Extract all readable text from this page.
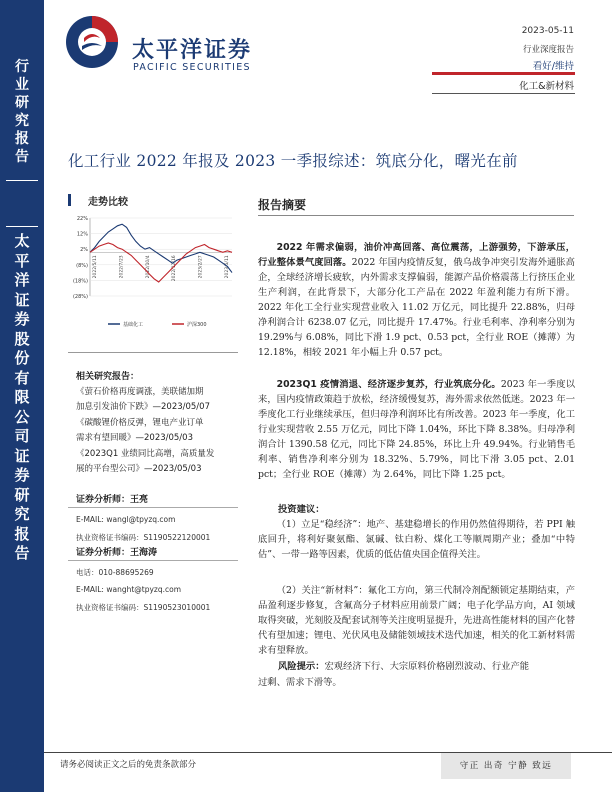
行
业
研
究
报
告
太
平
洋
证
券
股
份
有
限
公
司
证
券
研
究
报
告
太平洋证券
PACIFIC SECURITIES
2023-05-11
行业深度报告
看好/维持
化工&新材料
化工行业 2022 年报及 2023 一季报综述：筑底分化，曙光在前
走势比较
22%
12%
2%
(8%)
(18%)
(28%)
2022/5/11	2022/7/23	2022/10/4	2022/12/16	2023/2/27	2023/5/11
基础化工	沪深300
相关研究报告：
《萤石价格再度调涨，美联储加期
加息引发油价下跌》—2023/05/07
《碳酸锂价格反弹，锂电产业订单
需求有望回暖》—2023/05/03
《2023Q1 业绩同比高增，高质量发
展的平台型公司》—2023/05/03
证券分析师：王亮
E-MAIL: wangl@tpyzq.com
执业资格证书编码：S1190522120001
证券分析师：王海涛
电话：010-88695269
E-MAIL: wanght@tpyzq.com
执业资格证书编码：S1190523010001
报告摘要
2022 年需求偏弱，油价冲高回落、高位震荡，上游强势，下游承压，行业整体景气度回落。2022 年国内疫情反复，俄乌战争冲突引发海外通胀高企，全球经济增长疲软，内外需求支撑偏弱，能源产品价格震荡上行挤压企业生产利润，在此背景下，大部分化工产品在 2022 年盈利能力有所下滑。2022 年化工全行业实现营业收入 11.02 万亿元，同比提升 22.88%，归母净利润合计 6238.07 亿元，同比提升 17.47%。行业毛利率、净利率分别为 19.29%与 6.08%，同比下滑 1.9 pct、0.53 pct，全行业 ROE（摊薄）为 12.18%，相较 2021 年小幅上升 0.57 pct。
2023Q1 疫情消退、经济逐步复苏，行业筑底分化。2023 年一季度以来，国内疫情政策趋于放松，经济缓慢复苏，海外需求依然低迷。2023 年一季度化工行业继续承压，但归母净利润环比有所改善。2023 年一季度，化工行业实现营收 2.55 万亿元，同比下降 1.04%，环比下降 8.38%。归母净利润合计 1390.58 亿元，同比下降 24.85%，环比上升 49.94%。行业销售毛利率、销售净利率分别为 18.32%、5.79%，同比下滑 3.05 pct、2.01 pct；全行业 ROE（摊薄）为 2.64%，同比下降 1.25 pct。
投资建议：
（1）立足“稳经济”：地产、基建稳增长的作用仍然值得期待，若 PPI 触底回升，将利好聚氨酯、氯碱、钛白粉、煤化工等顺周期产业；叠加“中特估”、一带一路等因素，优质的低估值央国企值得关注。
（2）关注“新材料”：氟化工方向，第三代制冷剂配额锁定基期结束，产品盈利逐步修复，含氟高分子材料应用前景广阔；电子化学品方向，AI 领域取得突破，光刻胶及配套试剂等关注度明显提升，先进高性能材料的国产化替代有望加速；锂电、光伏风电及储能领域技术迭代加速，相关的化工新材料需求有望释放。
风险提示：宏观经济下行、大宗原料价格剧烈波动、行业产能
过剩、需求下滑等。
请务必阅读正文之后的免责条款部分	守正 出奇 宁静 致远
